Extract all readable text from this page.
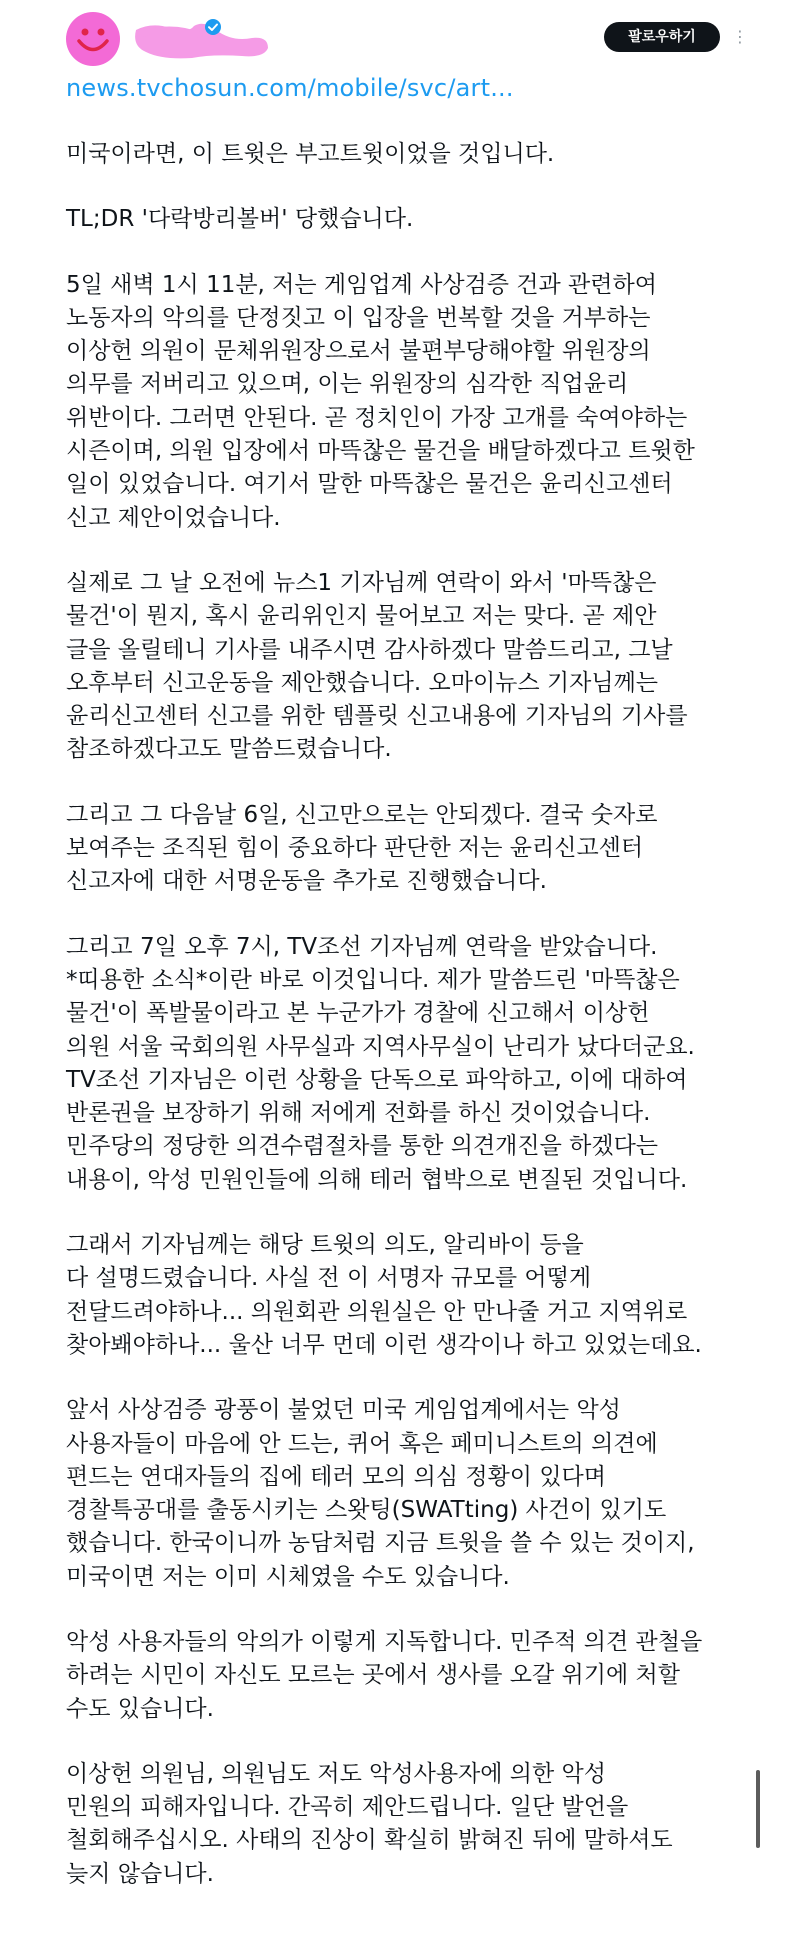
팔로우하기	⋮
news.tvchosun.com/mobile/svc/art...
미국이라면, 이 트윗은 부고트윗이었을 것입니다.
TL;DR '다락방리볼버' 당했습니다.
5일 새벽 1시 11분, 저는 게임업계 사상검증 건과 관련하여
노동자의 악의를 단정짓고 이 입장을 번복할 것을 거부하는
이상헌 의원이 문체위원장으로서 불편부당해야할 위원장의
의무를 저버리고 있으며, 이는 위원장의 심각한 직업윤리
위반이다. 그러면 안된다. 곧 정치인이 가장 고개를 숙여야하는
시즌이며, 의원 입장에서 마뜩찮은 물건을 배달하겠다고 트윗한
일이 있었습니다. 여기서 말한 마뜩찮은 물건은 윤리신고센터
신고 제안이었습니다.
실제로 그 날 오전에 뉴스1 기자님께 연락이 와서 '마뜩찮은
물건'이 뭔지, 혹시 윤리위인지 물어보고 저는 맞다. 곧 제안
글을 올릴테니 기사를 내주시면 감사하겠다 말씀드리고, 그날
오후부터 신고운동을 제안했습니다. 오마이뉴스 기자님께는
윤리신고센터 신고를 위한 템플릿 신고내용에 기자님의 기사를
참조하겠다고도 말씀드렸습니다.
그리고 그 다음날 6일, 신고만으로는 안되겠다. 결국 숫자로
보여주는 조직된 힘이 중요하다 판단한 저는 윤리신고센터
신고자에 대한 서명운동을 추가로 진행했습니다.
그리고 7일 오후 7시, TV조선 기자님께 연락을 받았습니다.
*띠용한 소식*이란 바로 이것입니다. 제가 말씀드린 '마뜩찮은
물건'이 폭발물이라고 본 누군가가 경찰에 신고해서 이상헌
의원 서울 국회의원 사무실과 지역사무실이 난리가 났다더군요.
TV조선 기자님은 이런 상황을 단독으로 파악하고, 이에 대하여
반론권을 보장하기 위해 저에게 전화를 하신 것이었습니다.
민주당의 정당한 의견수렴절차를 통한 의견개진을 하겠다는
내용이, 악성 민원인들에 의해 테러 협박으로 변질된 것입니다.
그래서 기자님께는 해당 트윗의 의도, 알리바이 등을
다 설명드렸습니다. 사실 전 이 서명자 규모를 어떻게
전달드려야하나... 의원회관 의원실은 안 만나줄 거고 지역위로
찾아봬야하나... 울산 너무 먼데 이런 생각이나 하고 있었는데요.
앞서 사상검증 광풍이 불었던 미국 게임업계에서는 악성
사용자들이 마음에 안 드는, 퀴어 혹은 페미니스트의 의견에
편드는 연대자들의 집에 테러 모의 의심 정황이 있다며
경찰특공대를 출동시키는 스왓팅(SWATting) 사건이 있기도
했습니다. 한국이니까 농담처럼 지금 트윗을 쓸 수 있는 것이지,
미국이면 저는 이미 시체였을 수도 있습니다.
악성 사용자들의 악의가 이렇게 지독합니다. 민주적 의견 관철을
하려는 시민이 자신도 모르는 곳에서 생사를 오갈 위기에 처할
수도 있습니다.
이상헌 의원님, 의원님도 저도 악성사용자에 의한 악성
민원의 피해자입니다. 간곡히 제안드립니다. 일단 발언을
철회해주십시오. 사태의 진상이 확실히 밝혀진 뒤에 말하셔도
늦지 않습니다.
